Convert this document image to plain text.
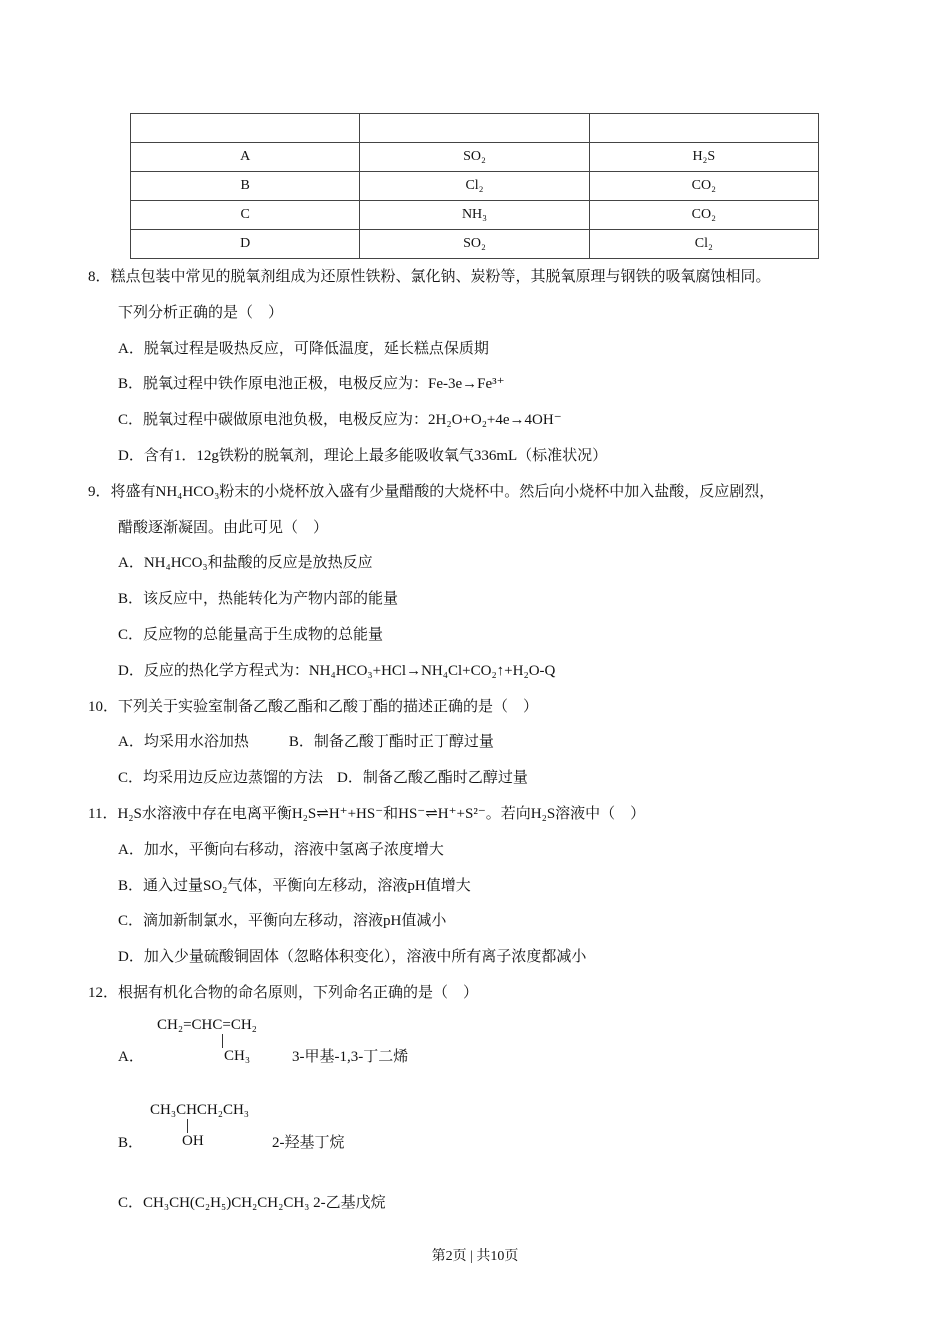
A	SO₂	H₂S
B	Cl₂	CO₂
C	NH₃	CO₂
D	SO₂	Cl₂
8．糕点包装中常见的脱氧剂组成为还原性铁粉、氯化钠、炭粉等，其脱氧原理与钢铁的吸氧腐蚀相同。
下列分析正确的是（　）
A．脱氧过程是吸热反应，可降低温度，延长糕点保质期
B．脱氧过程中铁作原电池正极，电极反应为：Fe-3e→Fe³⁺
C．脱氧过程中碳做原电池负极，电极反应为：2H₂O+O₂+4e→4OH⁻
D．含有1．12g铁粉的脱氧剂，理论上最多能吸收氧气336mL（标准状况）
9．将盛有NH₄HCO₃粉末的小烧杯放入盛有少量醋酸的大烧杯中。然后向小烧杯中加入盐酸，反应剧烈，
醋酸逐渐凝固。由此可见（　）
A．NH₄HCO₃和盐酸的反应是放热反应
B．该反应中，热能转化为产物内部的能量
C．反应物的总能量高于生成物的总能量
D．反应的热化学方程式为：NH₄HCO₃+HCl→NH₄Cl+CO₂↑+H₂O-Q
10．下列关于实验室制备乙酸乙酯和乙酸丁酯的描述正确的是（　）
A．均采用水浴加热	B．制备乙酸丁酯时正丁醇过量
C．均采用边反应边蒸馏的方法 D．制备乙酸乙酯时乙醇过量
11．H₂S水溶液中存在电离平衡H₂S⇌H⁺+HS⁻和HS⁻⇌H⁺+S²⁻。若向H₂S溶液中（　）
A．加水，平衡向右移动，溶液中氢离子浓度增大
B．通入过量SO₂气体，平衡向左移动，溶液pH值增大
C．滴加新制氯水，平衡向左移动，溶液pH值减小
D．加入少量硫酸铜固体（忽略体积变化），溶液中所有离子浓度都减小
12．根据有机化合物的命名原则，下列命名正确的是（　）
A．
CH₂=CHC=CH₂
CH₃	3-甲基-1,3-丁二烯
B．
CH₃CHCH₂CH₃
OH	2-羟基丁烷
C．CH₃CH(C₂H₅)CH₂CH₂CH₃ 2-乙基戊烷
第2页 | 共10页
